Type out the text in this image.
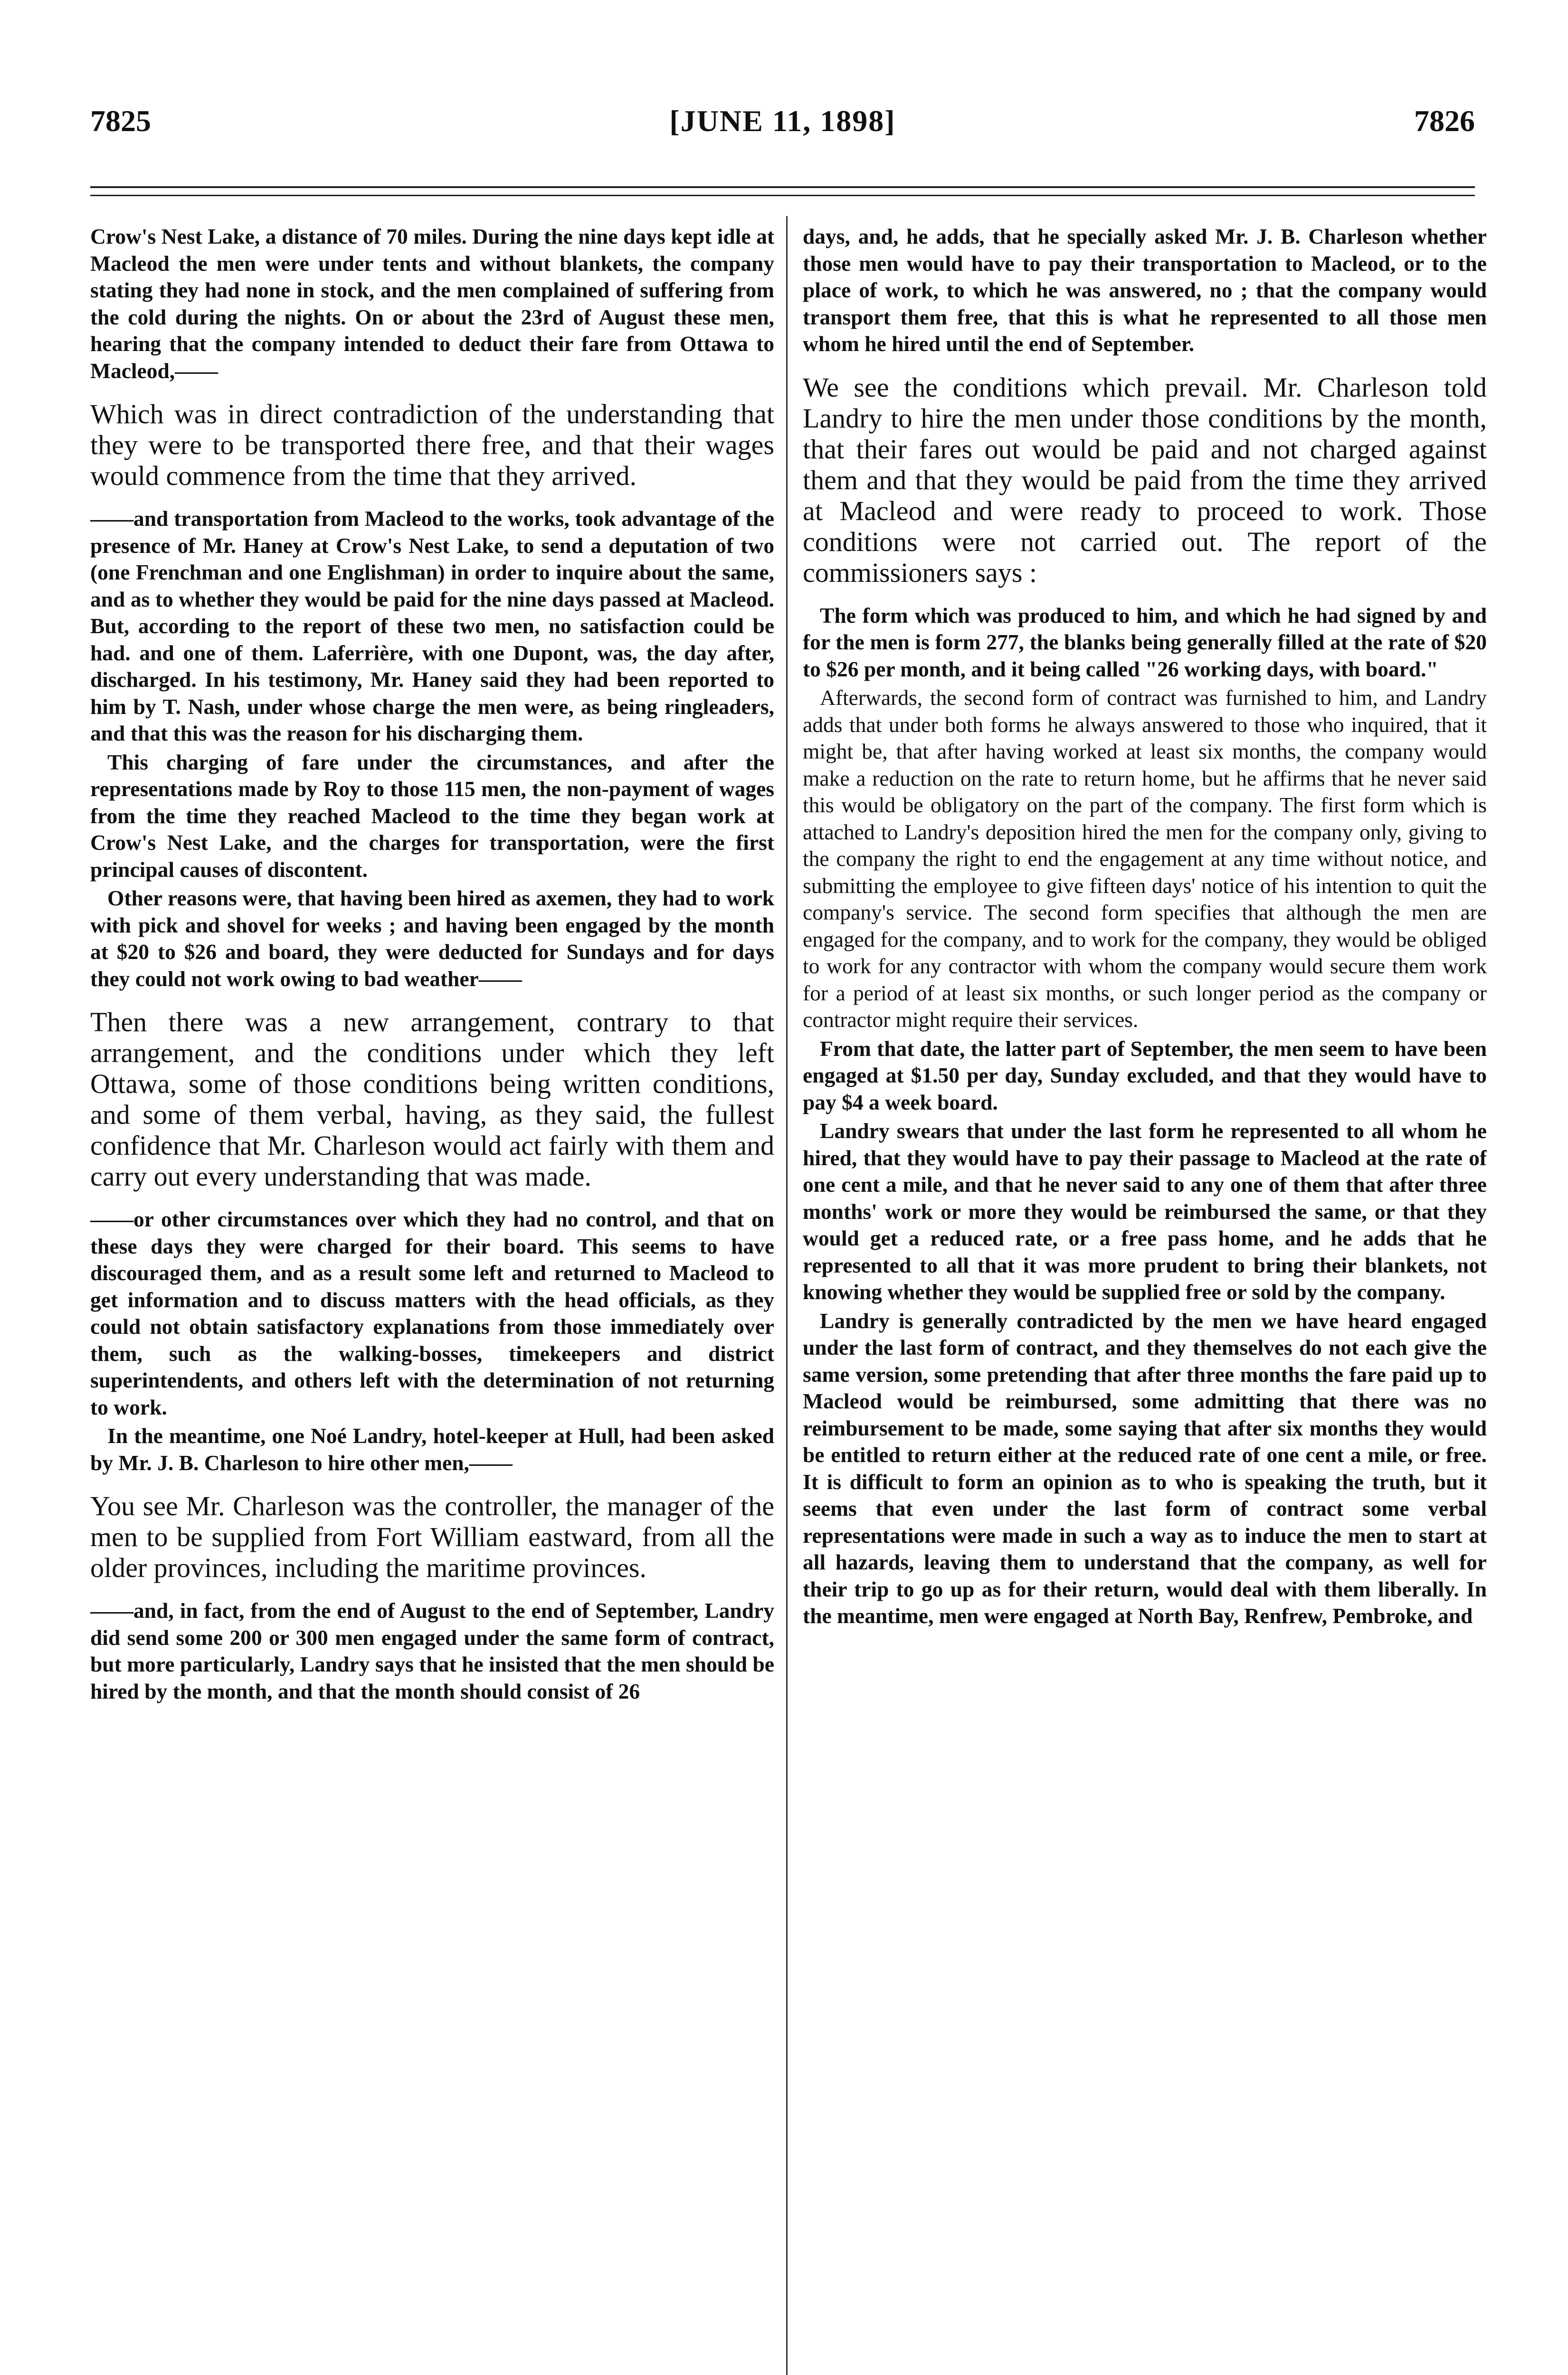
[JUNE 11, 1898]
7825	7826

Crow's Nest Lake, a distance of 70 miles. During the nine days kept idle at Macleod the men were under tents and without blankets, the company stating they had none in stock, and the men complained of suffering from the cold during the nights. On or about the 23rd of August these men, hearing that the company intended to deduct their fare from Ottawa to Macleod,——

Which was in direct contradiction of the understanding that they were to be transported there free, and that their wages would commence from the time that they arrived.

——and transportation from Macleod to the works, took advantage of the presence of Mr. Haney at Crow's Nest Lake, to send a deputation of two (one Frenchman and one Englishman) in order to inquire about the same, and as to whether they would be paid for the nine days passed at Macleod. But, according to the report of these two men, no satisfaction could be had. and one of them. Laferrière, with one Dupont, was, the day after, discharged. In his testimony, Mr. Haney said they had been reported to him by T. Nash, under whose charge the men were, as being ringleaders, and that this was the reason for his discharging them.

This charging of fare under the circumstances, and after the representations made by Roy to those 115 men, the non-payment of wages from the time they reached Macleod to the time they began work at Crow's Nest Lake, and the charges for transportation, were the first principal causes of discontent.

Other reasons were, that having been hired as axemen, they had to work with pick and shovel for weeks ; and having been engaged by the month at $20 to $26 and board, they were deducted for Sundays and for days they could not work owing to bad weather——

Then there was a new arrangement, contrary to that arrangement, and the conditions under which they left Ottawa, some of those conditions being written conditions, and some of them verbal, having, as they said, the fullest confidence that Mr. Charleson would act fairly with them and carry out every understanding that was made.

——or other circumstances over which they had no control, and that on these days they were charged for their board. This seems to have discouraged them, and as a result some left and returned to Macleod to get information and to discuss matters with the head officials, as they could not obtain satisfactory explanations from those immediately over them, such as the walking-bosses, timekeepers and district superintendents, and others left with the determination of not returning to work.

In the meantime, one Noé Landry, hotel-keeper at Hull, had been asked by Mr. J. B. Charleson to hire other men,——

You see Mr. Charleson was the controller, the manager of the men to be supplied from Fort William eastward, from all the older provinces, including the maritime provinces.

——and, in fact, from the end of August to the end of September, Landry did send some 200 or 300 men engaged under the same form of contract, but more particularly, Landry says that he insisted that the men should be hired by the month, and that the month should consist of 26

days, and, he adds, that he specially asked Mr. J. B. Charleson whether those men would have to pay their transportation to Macleod, or to the place of work, to which he was answered, no ; that the company would transport them free, that this is what he represented to all those men whom he hired until the end of September.

We see the conditions which prevail. Mr. Charleson told Landry to hire the men under those conditions by the month, that their fares out would be paid and not charged against them and that they would be paid from the time they arrived at Macleod and were ready to proceed to work. Those conditions were not carried out. The report of the commissioners says :

The form which was produced to him, and which he had signed by and for the men is form 277, the blanks being generally filled at the rate of $20 to $26 per month, and it being called "26 working days, with board."

Afterwards, the second form of contract was furnished to him, and Landry adds that under both forms he always answered to those who inquired, that it might be, that after having worked at least six months, the company would make a reduction on the rate to return home, but he affirms that he never said this would be obligatory on the part of the company. The first form which is attached to Landry's deposition hired the men for the company only, giving to the company the right to end the engagement at any time without notice, and submitting the employee to give fifteen days' notice of his intention to quit the company's service. The second form specifies that although the men are engaged for the company, and to work for the company, they would be obliged to work for any contractor with whom the company would secure them work for a period of at least six months, or such longer period as the company or contractor might require their services.

From that date, the latter part of September, the men seem to have been engaged at $1.50 per day, Sunday excluded, and that they would have to pay $4 a week board.

Landry swears that under the last form he represented to all whom he hired, that they would have to pay their passage to Macleod at the rate of one cent a mile, and that he never said to any one of them that after three months' work or more they would be reimbursed the same, or that they would get a reduced rate, or a free pass home, and he adds that he represented to all that it was more prudent to bring their blankets, not knowing whether they would be supplied free or sold by the company.

Landry is generally contradicted by the men we have heard engaged under the last form of contract, and they themselves do not each give the same version, some pretending that after three months the fare paid up to Macleod would be reimbursed, some admitting that there was no reimbursement to be made, some saying that after six months they would be entitled to return either at the reduced rate of one cent a mile, or free. It is difficult to form an opinion as to who is speaking the truth, but it seems that even under the last form of contract some verbal representations were made in such a way as to induce the men to start at all hazards, leaving them to understand that the company, as well for their trip to go up as for their return, would deal with them liberally. In the meantime, men were engaged at North Bay, Renfrew, Pembroke, and
